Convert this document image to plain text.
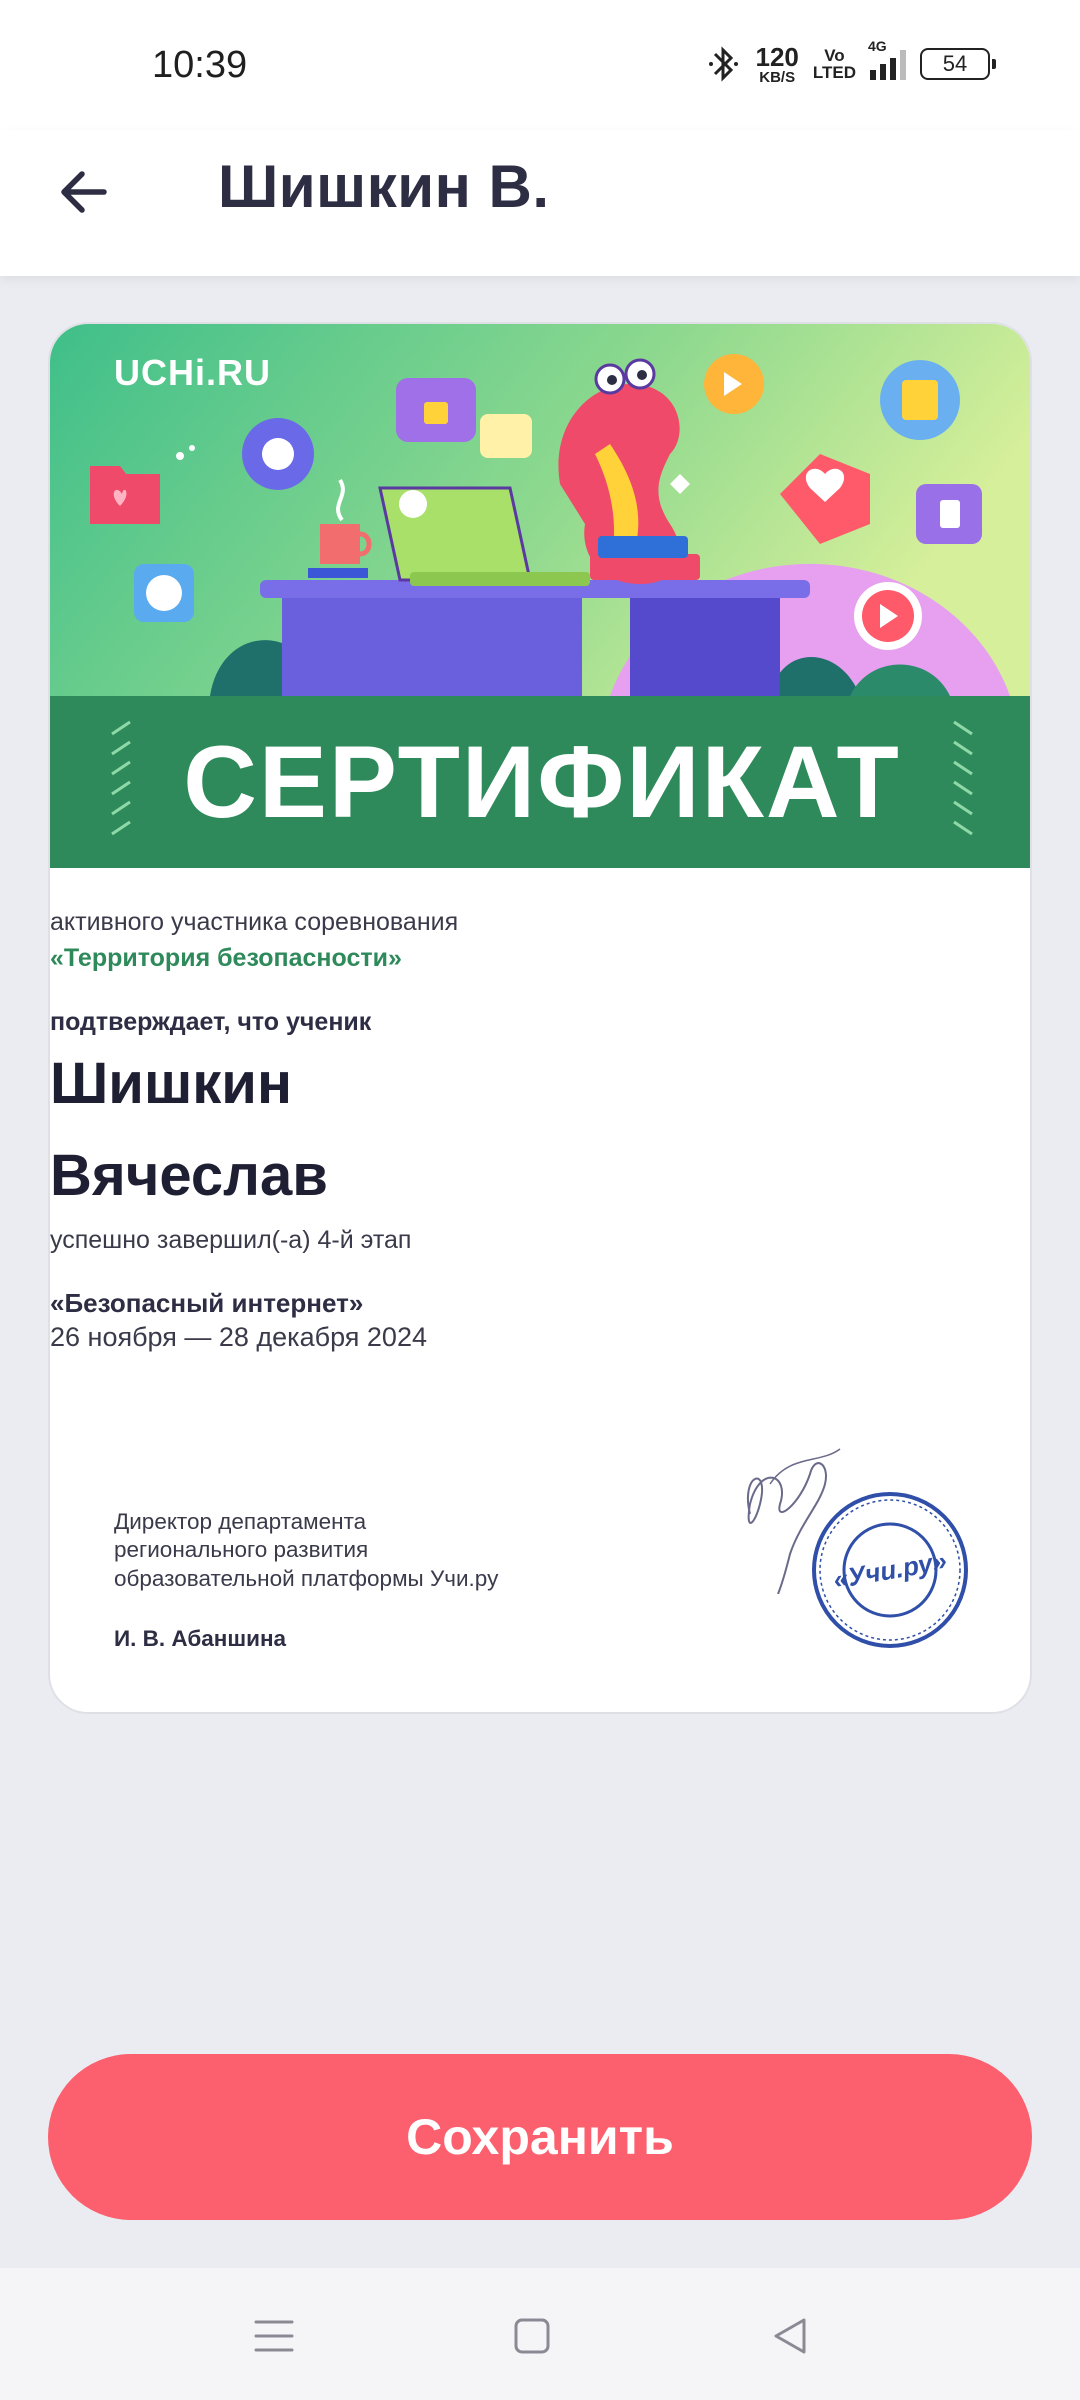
10:39	120
KB/S
Vo
LTED
4G
54
Шишкин В.
UCHi.RU
СЕРТИФИКАТ
активного участника соревнования
«Территория безопасности»
подтверждает, что ученик
Шишкин
Вячеслав
успешно завершил(-а) 4-й этап
«Безопасный интернет»
26 ноября — 28 декабря 2024
Директор департамента
регионального развития
образовательной платформы Учи.ру
И. В. Абаншина
«Учи.ру»
Сохранить
